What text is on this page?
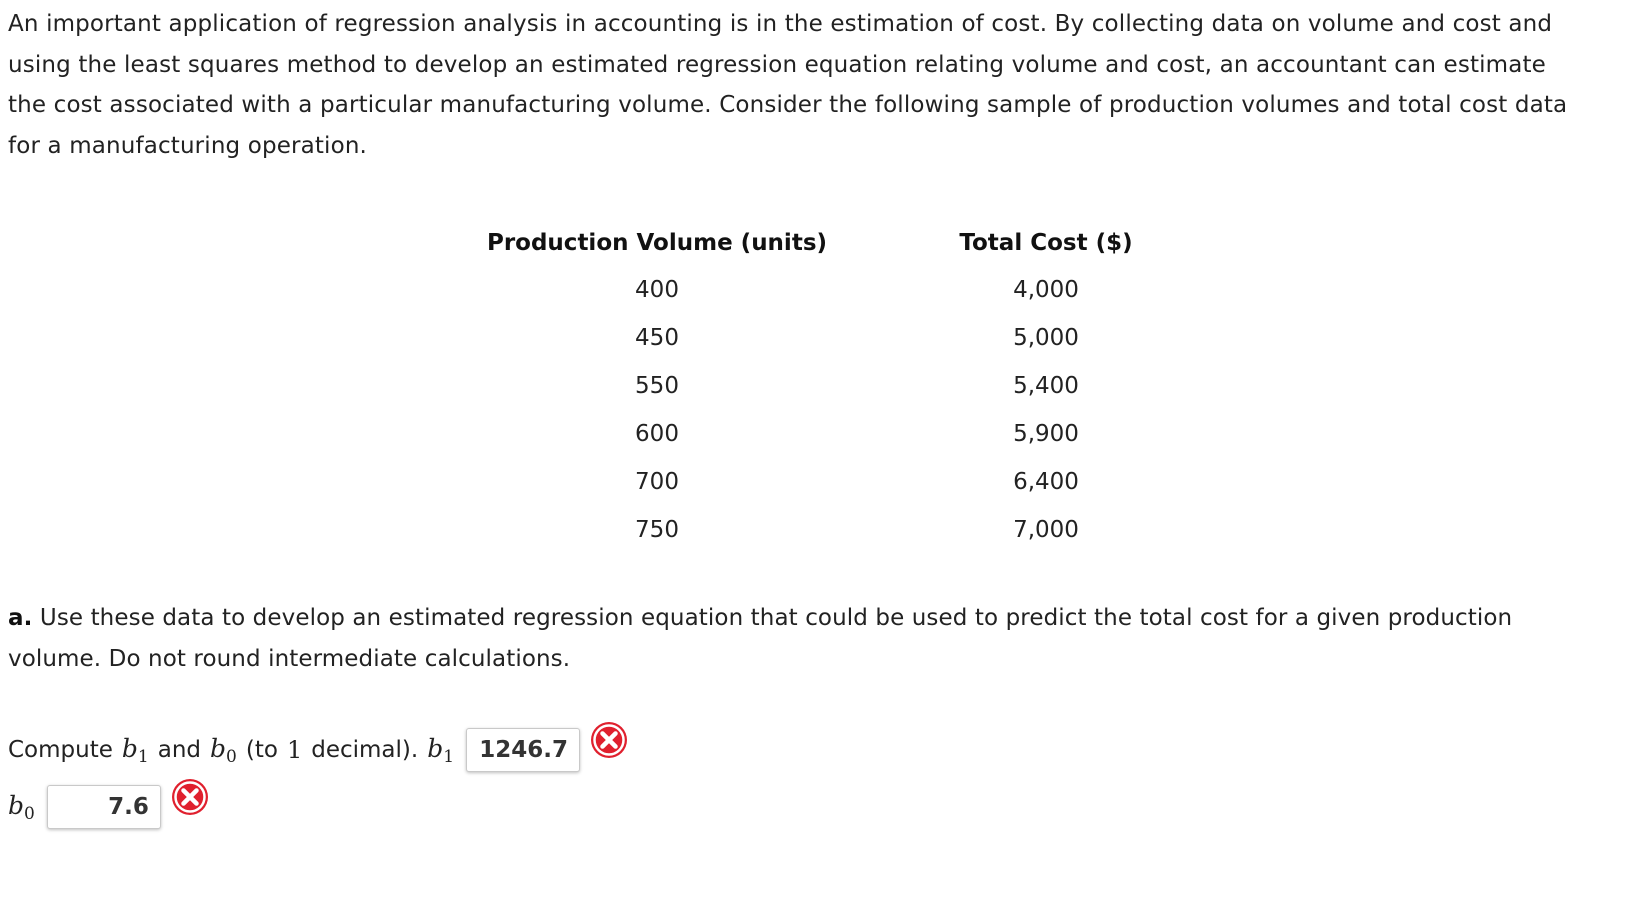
An important application of regression analysis in accounting is in the estimation of cost. By collecting data on volume and cost and using the least squares method to develop an estimated regression equation relating volume and cost, an accountant can estimate the cost associated with a particular manufacturing volume. Consider the following sample of production volumes and total cost data for a manufacturing operation.

Production Volume (units)	Total Cost ($)
400	4,000
450	5,000
550	5,400
600	5,900
700	6,400
750	7,000

a. Use these data to develop an estimated regression equation that could be used to predict the total cost for a given production volume. Do not round intermediate calculations.

Compute $b_1$ and $b_0$ (to 1 decimal). $b_1$	1246.7
$b_0$	7.6
